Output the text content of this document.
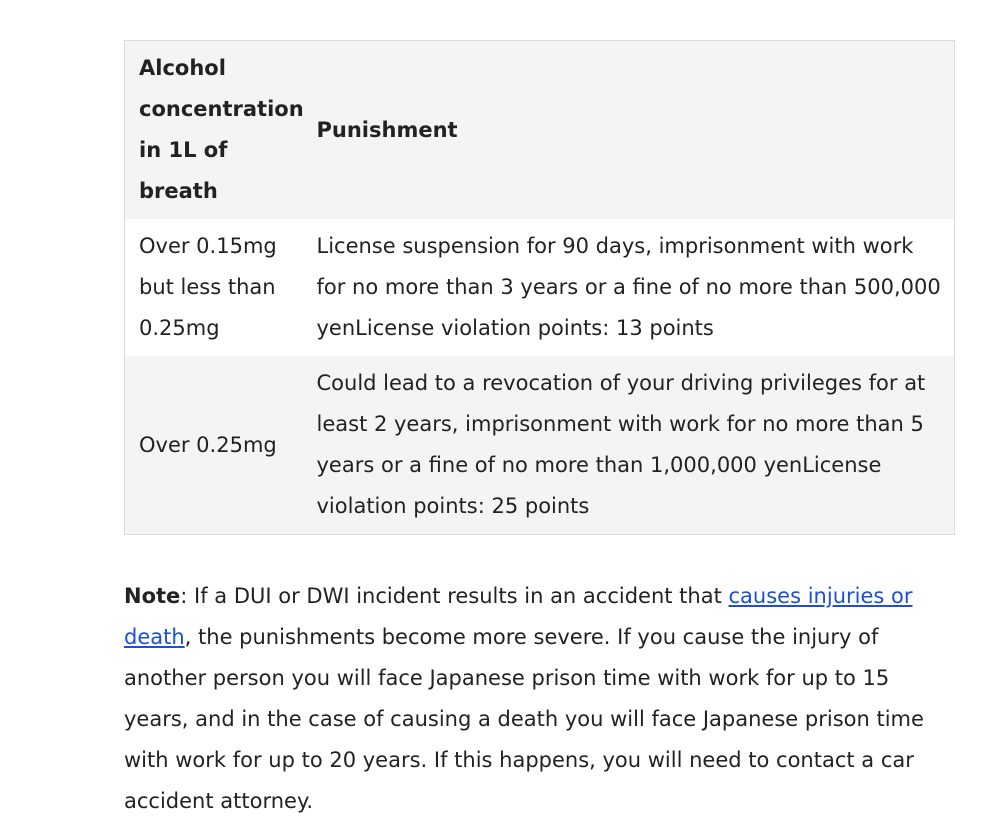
Alcohol concentration in 1L of breath	Punishment
Over 0.15mg but less than 0.25mg	License suspension for 90 days, imprisonment with work for no more than 3 years or a fine of no more than 500,000 yenLicense violation points: 13 points
Over 0.25mg	Could lead to a revocation of your driving privileges for at least 2 years, imprisonment with work for no more than 5 years or a fine of no more than 1,000,000 yenLicense violation points: 25 points

Note: If a DUI or DWI incident results in an accident that causes injuries or death, the punishments become more severe. If you cause the injury of another person you will face Japanese prison time with work for up to 15 years, and in the case of causing a death you will face Japanese prison time with work for up to 20 years. If this happens, you will need to contact a car accident attorney.
